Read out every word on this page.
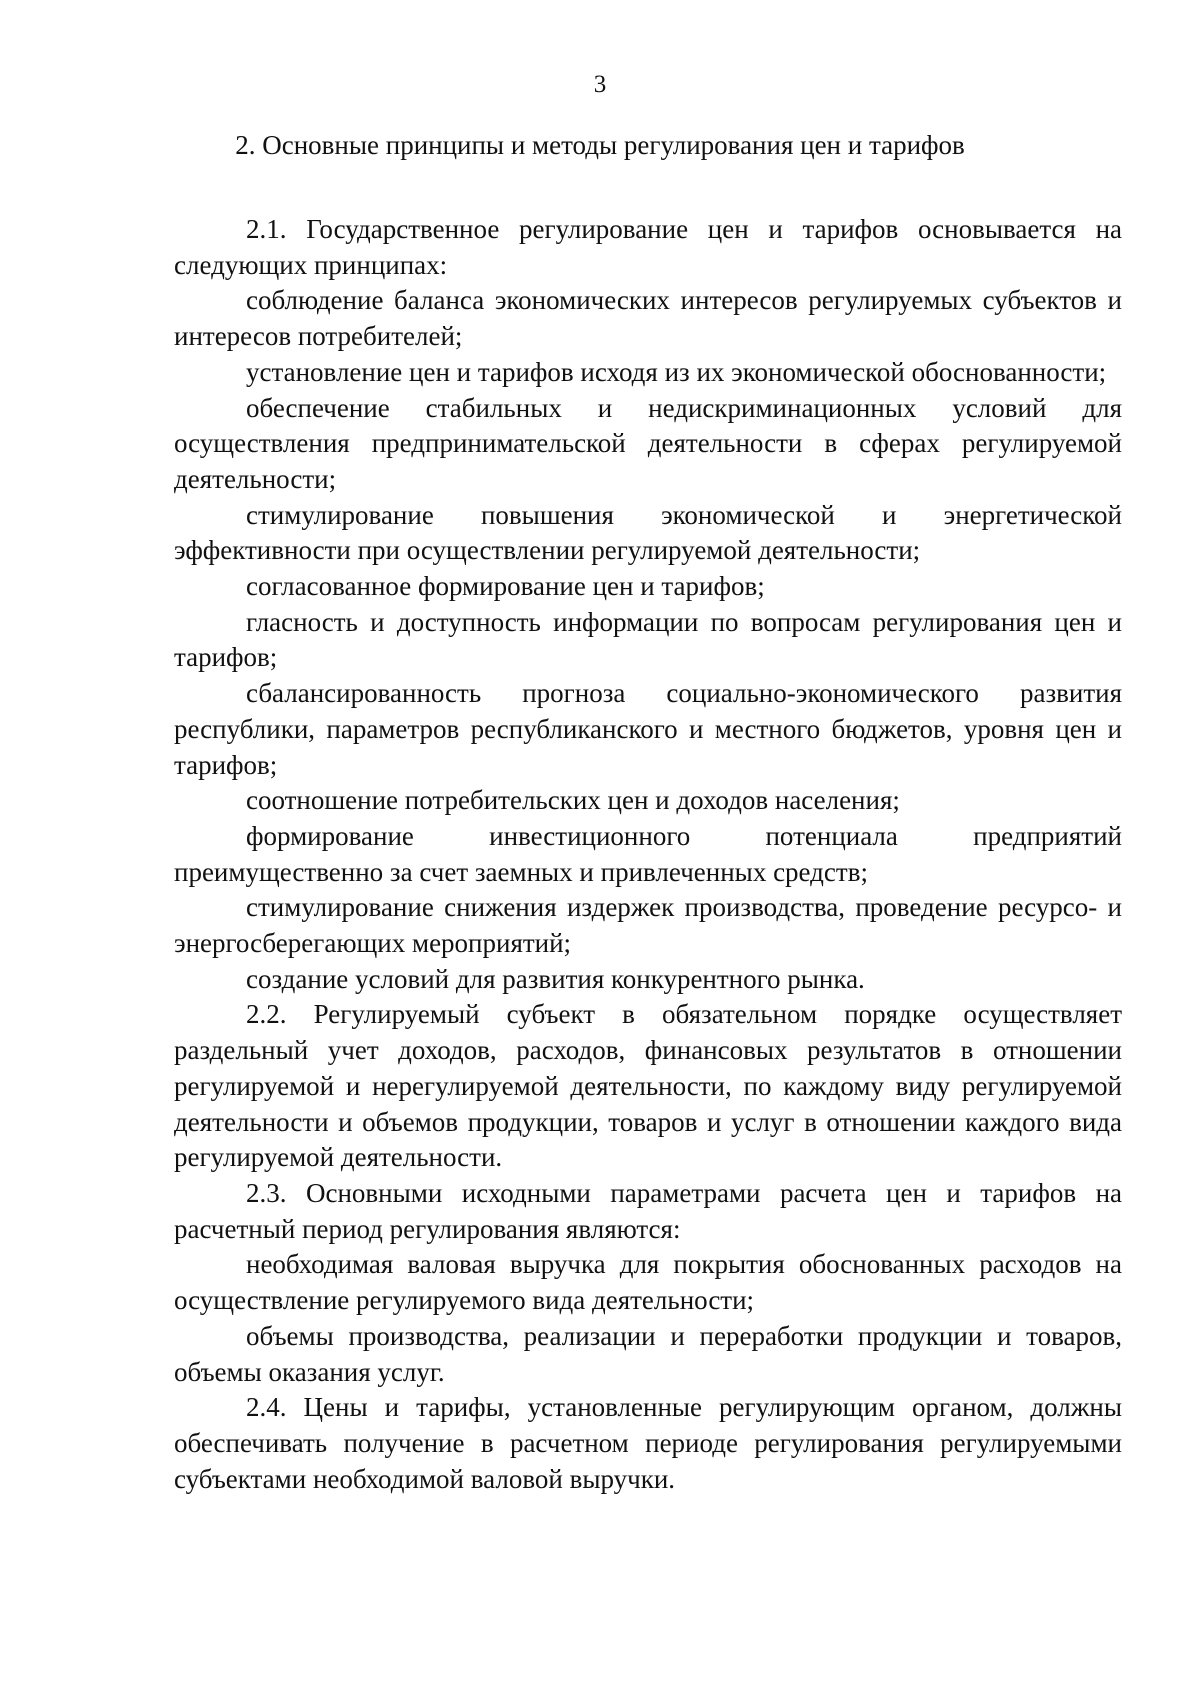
3
2. Основные принципы и методы регулирования цен и тарифов

2.1. Государственное регулирование цен и тарифов основывается на следующих принципах:

соблюдение баланса экономических интересов регулируемых субъектов и интересов потребителей;

установление цен и тарифов исходя из их экономической обоснованности;

обеспечение стабильных и недискриминационных условий для осуществления предпринимательской деятельности в сферах регулируемой деятельности;

стимулирование повышения экономической и энергетической эффективности при осуществлении регулируемой деятельности;

согласованное формирование цен и тарифов;

гласность и доступность информации по вопросам регулирования цен и тарифов;

сбалансированность прогноза социально-экономического развития республики, параметров республиканского и местного бюджетов, уровня цен и тарифов;

соотношение потребительских цен и доходов населения;

формирование инвестиционного потенциала предприятий преимущественно за счет заемных и привлеченных средств;

стимулирование снижения издержек производства, проведение ресурсо- и энергосберегающих мероприятий;

создание условий для развития конкурентного рынка.

2.2. Регулируемый субъект в обязательном порядке осуществляет раздельный учет доходов, расходов, финансовых результатов в отношении регулируемой и нерегулируемой деятельности, по каждому виду регулируемой деятельности и объемов продукции, товаров и услуг в отношении каждого вида регулируемой деятельности.

2.3. Основными исходными параметрами расчета цен и тарифов на расчетный период регулирования являются:

необходимая валовая выручка для покрытия обоснованных расходов на осуществление регулируемого вида деятельности;

объемы производства, реализации и переработки продукции и товаров, объемы оказания услуг.

2.4. Цены и тарифы, установленные регулирующим органом, должны обеспечивать получение в расчетном периоде регулирования регулируемыми субъектами необходимой валовой выручки.
